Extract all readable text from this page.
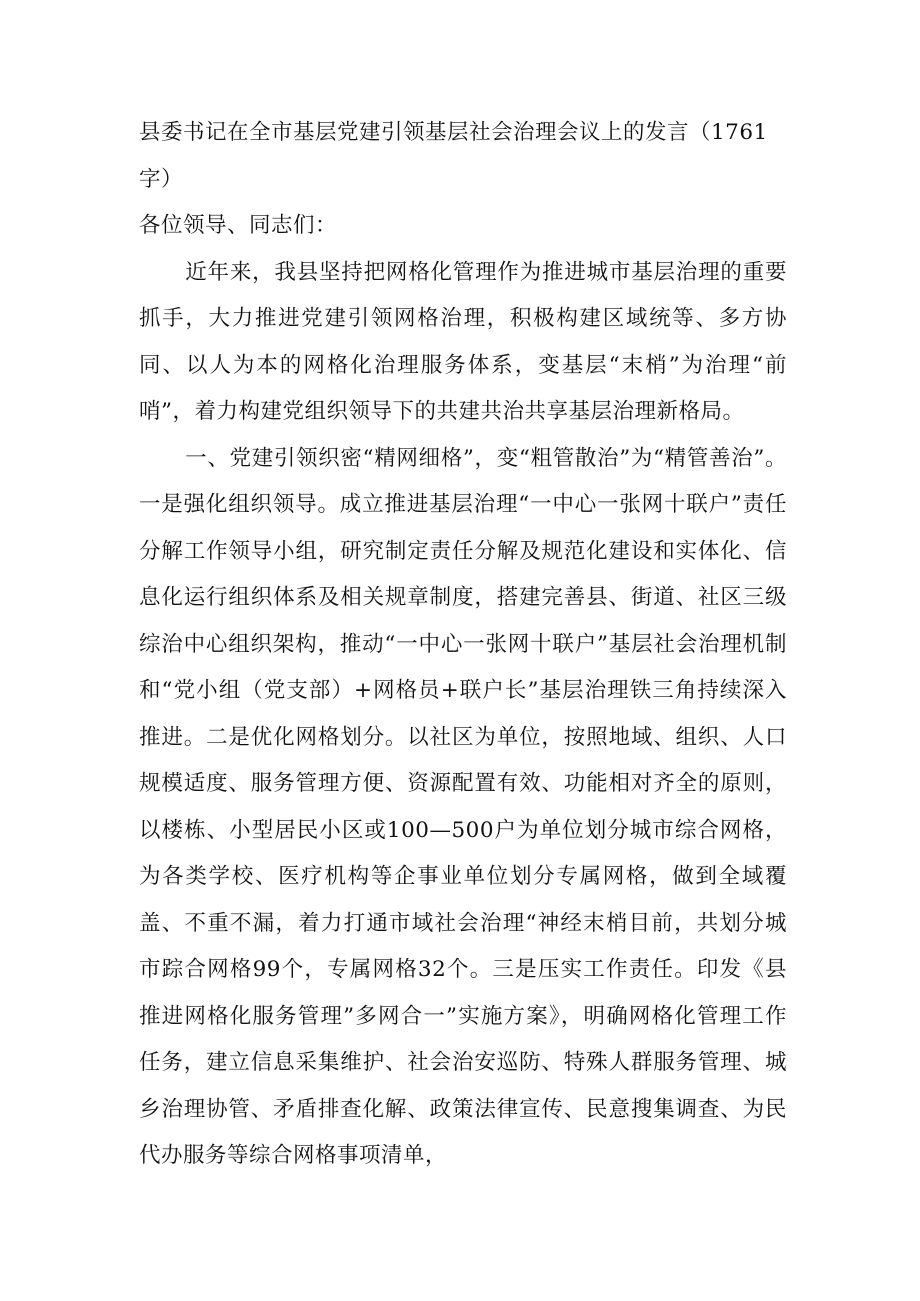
县委书记在全市基层党建引领基层社会治理会议上的发言（1761字）

各位领导、同志们：

近年来，我县坚持把网格化管理作为推进城市基层治理的重要抓手，大力推进党建引领网格治理，积极构建区域统等、多方协同、以人为本的网格化治理服务体系，变基层“末梢”为治理“前哨”，着力构建党组织领导下的共建共治共享基层治理新格局。

一、党建引领织密“精网细格”，变“粗管散治”为“精管善治”。一是强化组织领导。成立推进基层治理“一中心一张网十联户”责任分解工作领导小组，研究制定责任分解及规范化建设和实体化、信息化运行组织体系及相关规章制度，搭建完善县、街道、社区三级综治中心组织架构，推动“一中心一张网十联户”基层社会治理机制和“党小组（党支部）+网格员+联户长”基层治理铁三角持续深入推进。二是优化网格划分。以社区为单位，按照地域、组织、人口规模适度、服务管理方便、资源配置有效、功能相对齐全的原则，以楼栋、小型居民小区或100—500户为单位划分城市综合网格，为各类学校、医疗机构等企事业单位划分专属网格，做到全域覆盖、不重不漏，着力打通市域社会治理“神经末梢目前，共划分城市踪合网格99个，专属网格32个。三是压实工作责任。印发《县推进网格化服务管理”多网合一”实施方案》，明确网格化管理工作任务，建立信息采集维护、社会治安巡防、特殊人群服务管理、城乡治理协管、矛盾排查化解、政策法律宣传、民意搜集调查、为民代办服务等综合网格事项清单，
